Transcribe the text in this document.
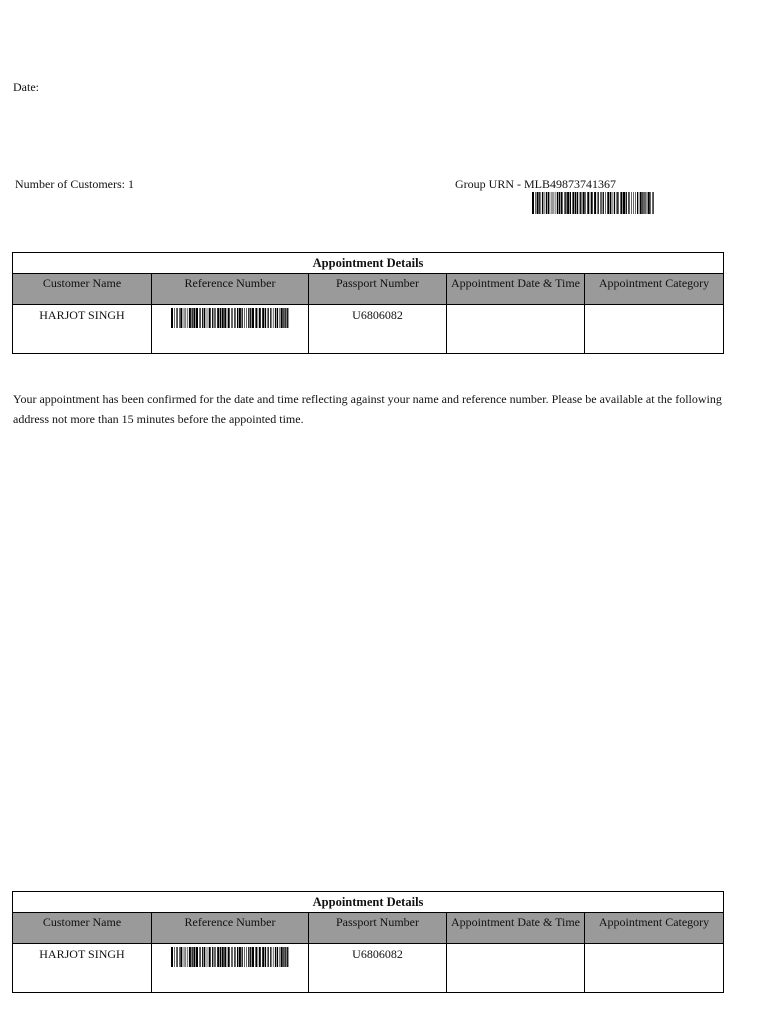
Date:
Number of Customers: 1	Group URN - MLB49873741367
Appointment Details				
Customer Name	Reference Number	Passport Number	Appointment Date & Time	Appointment Category
HARJOT SINGH		U6806082		
Your appointment has been confirmed for the date and time reflecting against your name and reference number. Please be available at the following address not more than 15 minutes before the appointed time.
Appointment Details				
Customer Name	Reference Number	Passport Number	Appointment Date & Time	Appointment Category
HARJOT SINGH		U6806082		
